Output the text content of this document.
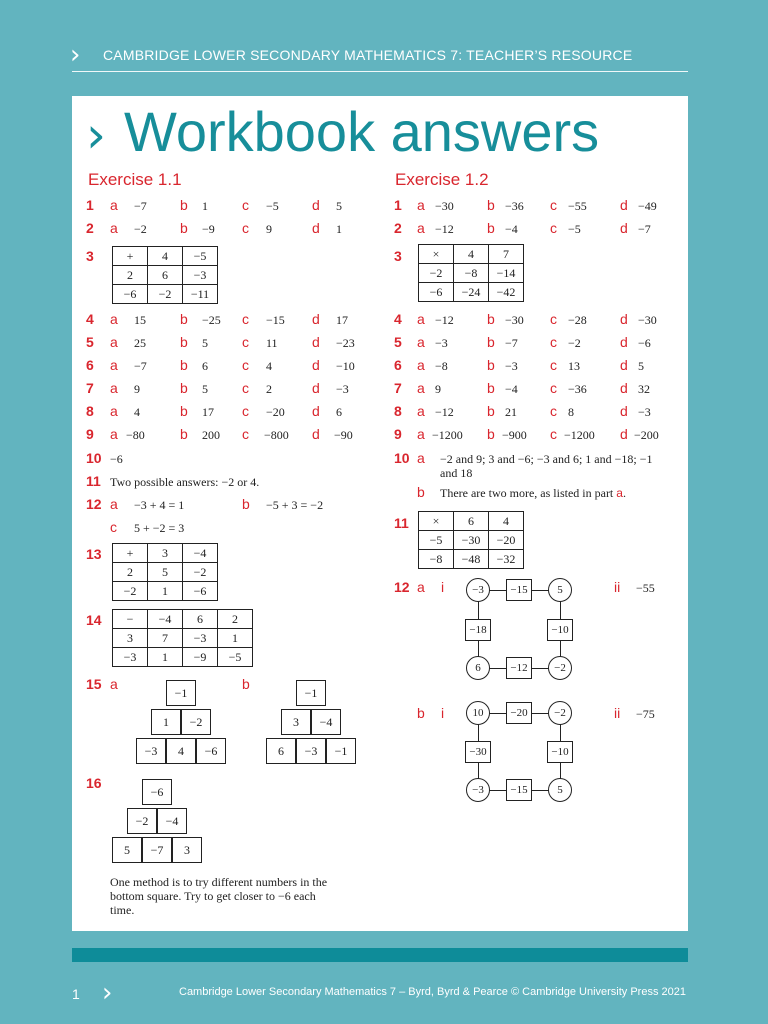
› CAMBRIDGE LOWER SECONDARY MATHEMATICS 7: TEACHER’S RESOURCE
› Workbook answers
Exercise 1.1
1 a −7 b 1 c −5 d 5
2 a −2 b −9 c 9	d 1
3	+	4	−5
2	6	−3
−6	−2	−11
4 a 15 b −25 c −15 d 17
5 a 25 b 5 c 11 d −23
6 a −7 b 6 c 4	d −10
7 a 9	b 5 c 2	d −3
8 a 4	b 17 c −20 d 6
9 a −80	b 200 c −800 d −90
10 −6
11 Two possible answers: −2 or 4.
12 a −3 + 4 = 1	b −5 + 3 = −2
c 5 + −2 = 3
13 +	3	−4
2	5	−2
−2	1	−6
14 −	−4	6	2
3	7	−3	1
−3	1	−9	−5
15 a
−1
1	−2
−3	4	−6
b
−1
3	−4
6	−3	−1
16
−6
−2	−4
5	−7	3
One method is to try different numbers in the bottom square. Try to get closer to −6 each time.
Exercise 1.2
1 a −30 b −36 c −55 d −49
2 a −12 b −4 c −5	d −7
3	×	4	7
−2	−8	−14
−6	−24	−42
4 a −12 b −30 c −28 d −30
5 a −3	b −7 c −2	d −6
6 a −8	b −3 c 13	d 5
7 a 9	b −4 c −36 d 32
8 a −12 b 21 c 8	d −3
9 a −1200 b −900 c −1200 d −200
10 a −2 and 9; 3 and −6; −3 and 6; 1 and −18; −1 and 18
b There are two more, as listed in part a.
11 ×	6	4
−5	−30	−20
−8	−48	−32
12 a i	−3	5
6	−2
−15
−18	−10
−12
ii −55
b i	10	−2
−3	5
−20
−30	−10
−15
ii −75
1 ›	Cambridge Lower Secondary Mathematics 7 – Byrd, Byrd & Pearce © Cambridge University Press 2021
